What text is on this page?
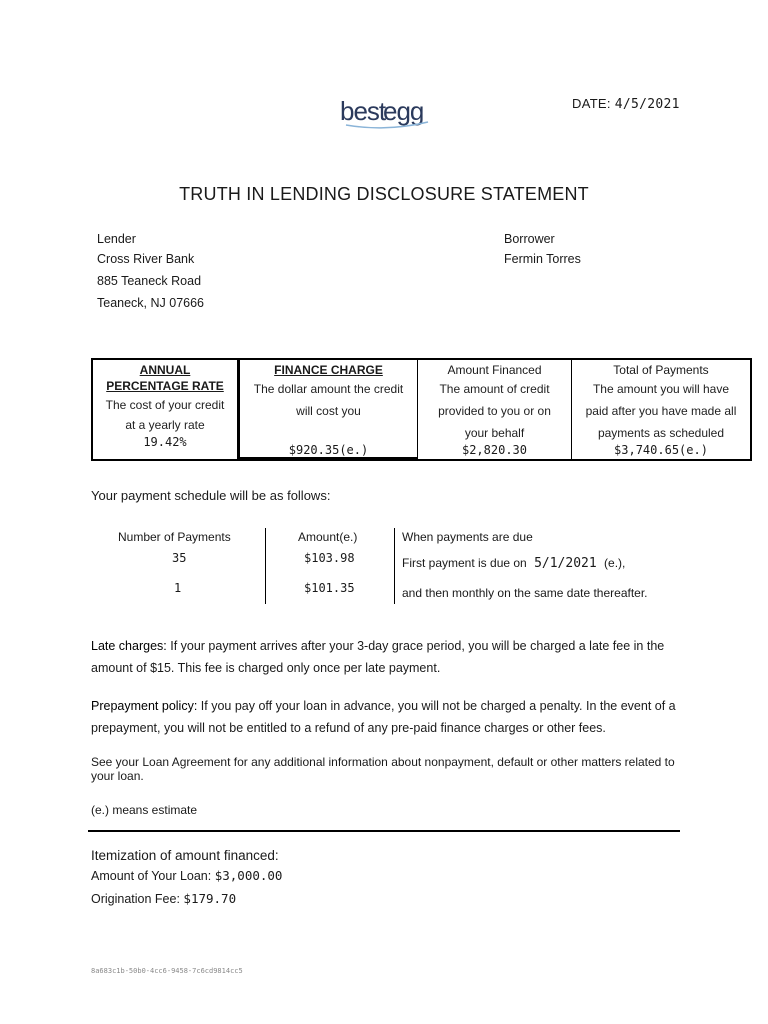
best
egg	DATE: 4/5/2021
TRUTH IN LENDING DISCLOSURE STATEMENT
Lender
Cross River Bank
885 Teaneck Road
Teaneck, NJ 07666
Borrower
Fermin Torres
ANNUAL
PERCENTAGE RATE
The cost of your credit
at a yearly rate
19.42%
FINANCE CHARGE
The dollar amount the credit
will cost you
$920.35(e.)
Amount Financed
The amount of credit
provided to you or on
your behalf
$2,820.30
Total of Payments
The amount you will have
paid after you have made all
payments as scheduled
$3,740.65(e.)
Your payment schedule will be as follows:
Number of Payments	Amount(e.)	When payments are due
35	$103.98
1	$101.35
First payment is due on 5/1/2021 (e.),
and then monthly on the same date thereafter.
Late charges: If your payment arrives after your 3-day grace period, you will be charged a late fee in the amount of $15. This fee is charged only once per late payment.
Prepayment policy: If you pay off your loan in advance, you will not be charged a penalty. In the event of a prepayment, you will not be entitled to a refund of any pre-paid finance charges or other fees.
See your Loan Agreement for any additional information about nonpayment, default or other matters related to your loan.
(e.) means estimate
Itemization of amount financed:
Amount of Your Loan: $3,000.00
Origination Fee: $179.70
8a683c1b-50b0-4cc6-9458-7c6cd9814cc5
